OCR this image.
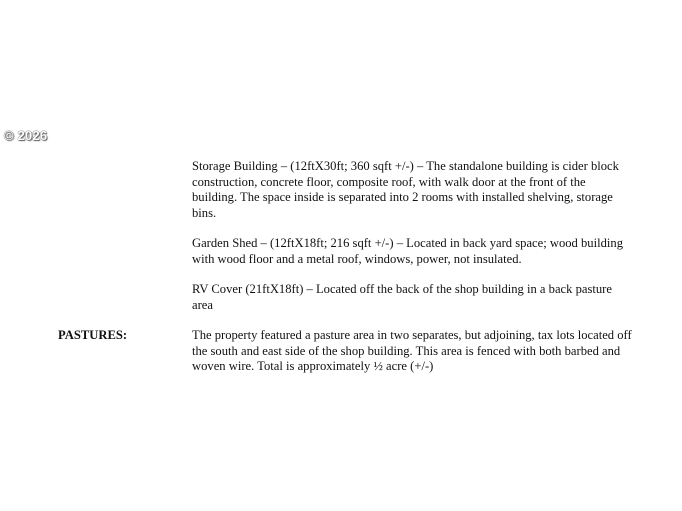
© 2026

Storage Building – (12ftX30ft; 360 sqft +/-) – The standalone building is cider block construction, concrete floor, composite roof, with walk door at the front of the building. The space inside is separated into 2 rooms with installed shelving, storage bins.

Garden Shed – (12ftX18ft; 216 sqft +/-) – Located in back yard space; wood building with wood floor and a metal roof, windows, power, not insulated.

RV Cover (21ftX18ft) – Located off the back of the shop building in a back pasture area

PASTURES:	The property featured a pasture area in two separates, but adjoining, tax lots located off the south and east side of the shop building. This area is fenced with both barbed and woven wire. Total is approximately ½ acre (+/-)
